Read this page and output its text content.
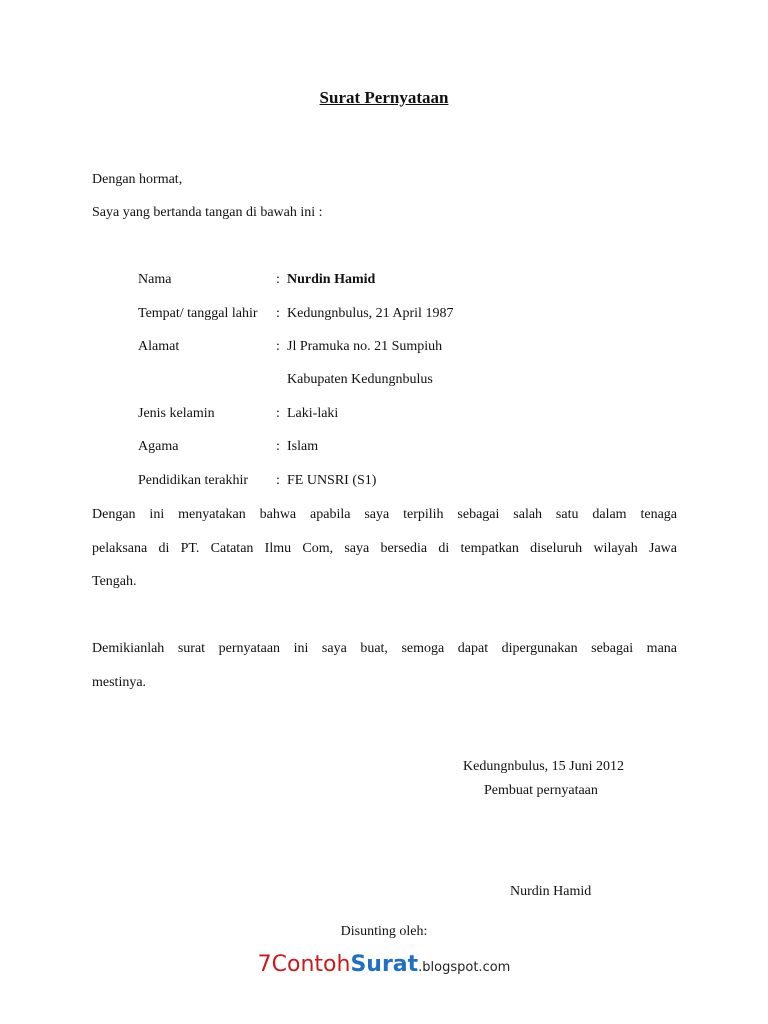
Surat Pernyataan
Dengan hormat,
Saya yang bertanda tangan di bawah ini :
Nama	: Nurdin Hamid
Tempat/ tanggal lahir : Kedungnbulus, 21 April 1987
Alamat	: Jl Pramuka no. 21 Sumpiuh
Kabupaten Kedungnbulus
Jenis kelamin	: Laki-laki
Agama	: Islam
Pendidikan terakhir : FE UNSRI (S1)
Dengan ini menyatakan bahwa apabila saya terpilih sebagai salah satu dalam tenaga
pelaksana di PT. Catatan Ilmu Com, saya bersedia di tempatkan diseluruh wilayah Jawa
Tengah.
Demikianlah surat pernyataan ini saya buat, semoga dapat dipergunakan sebagai mana
mestinya.
Kedungnbulus, 15 Juni 2012
Pembuat pernyataan
Nurdin Hamid
Disunting oleh:
7ContohSurat.blogspot.com
